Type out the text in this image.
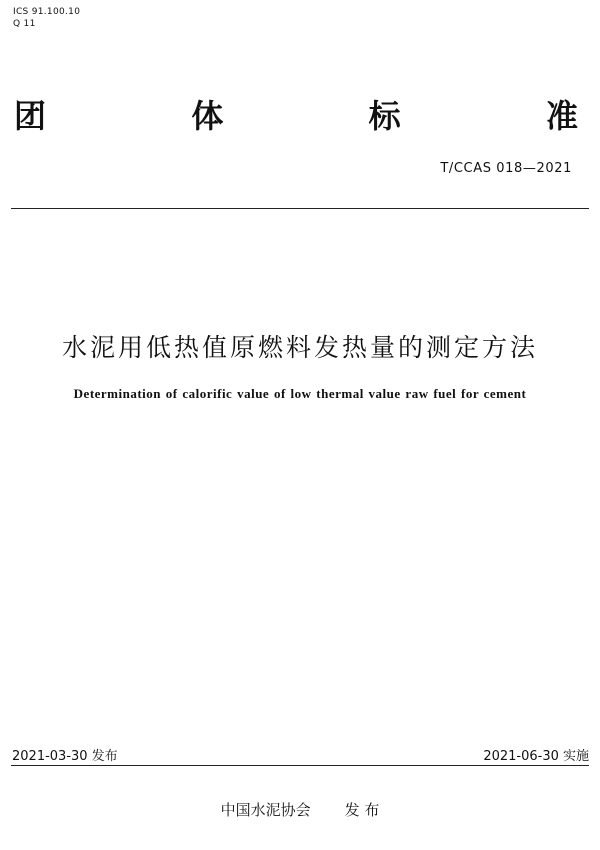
ICS 91.100.10
Q 11
团	体	标	准
T/CCAS 018—2021
水泥用低热值原燃料发热量的测定方法
Determination of calorific value of low thermal value raw fuel for cement
2021-03-30 发布	2021-06-30 实施
中国水泥协会 发 布
